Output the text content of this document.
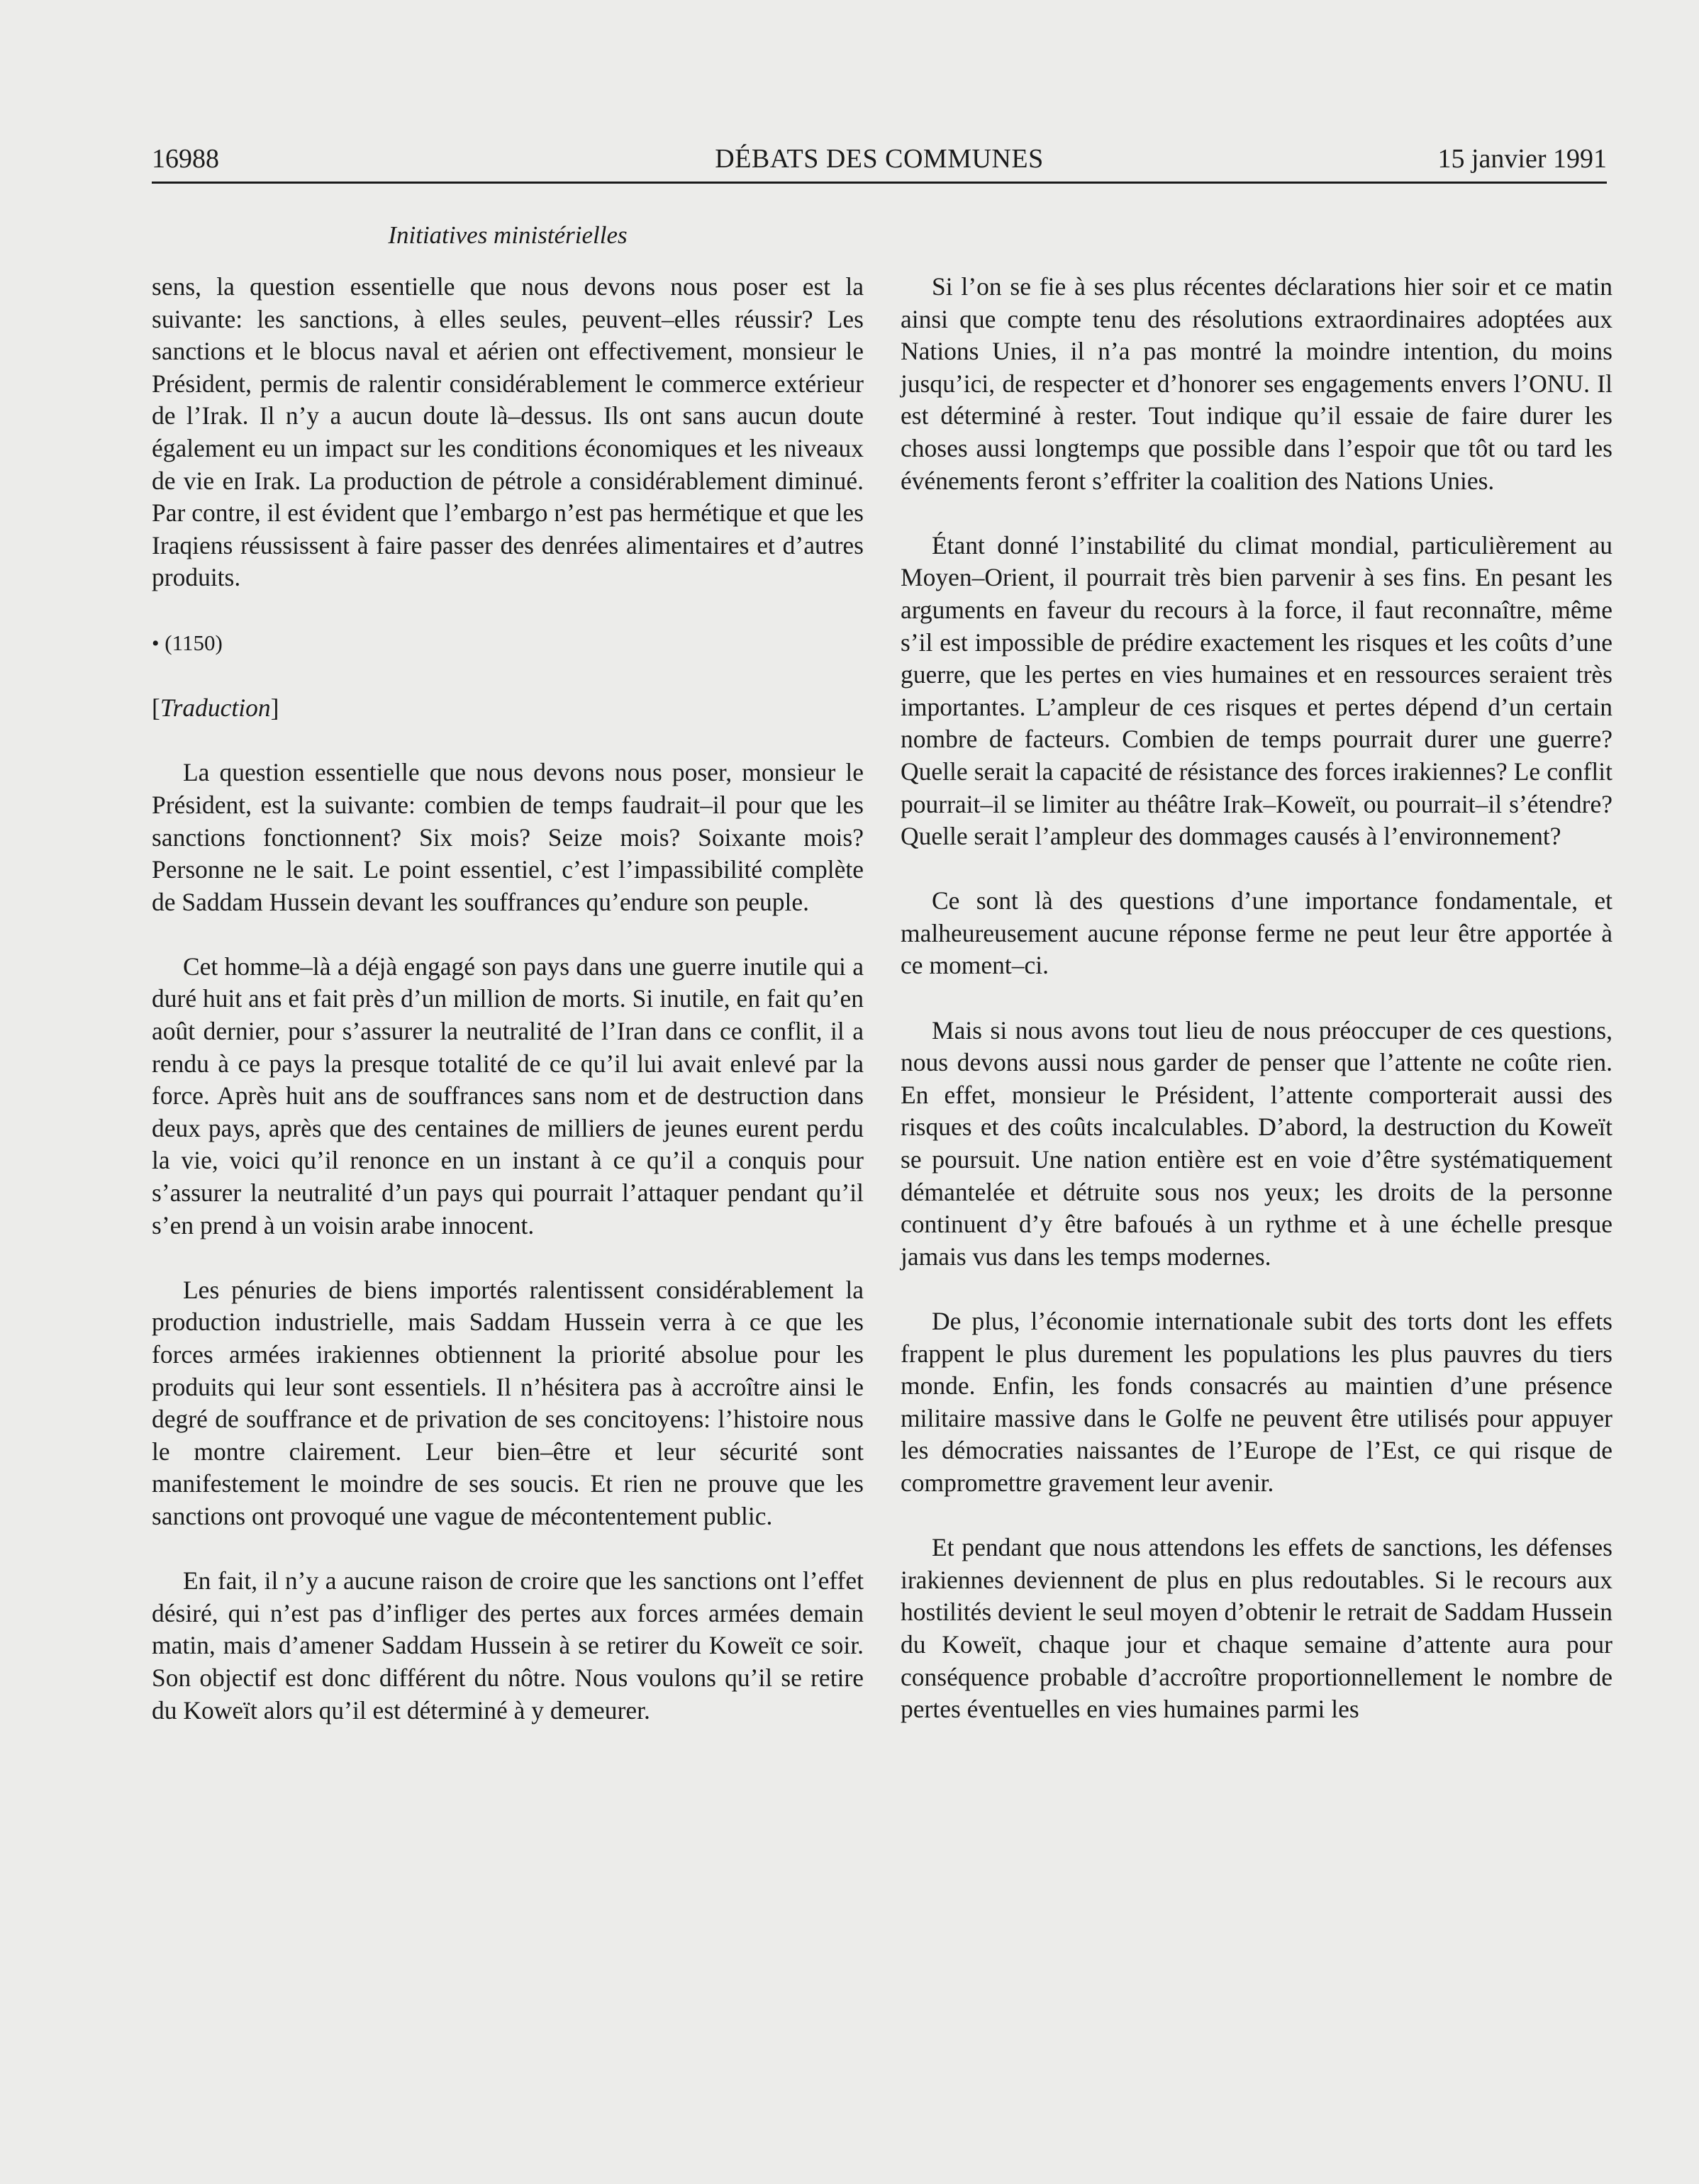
16988	DÉBATS DES COMMUNES	15 janvier 1991
Initiatives ministérielles

sens, la question essentielle que nous devons nous poser est la suivante: les sanctions, à elles seules, peuvent–elles réussir? Les sanctions et le blocus naval et aérien ont effectivement, monsieur le Président, permis de ralentir considérablement le commerce extérieur de l’Irak. Il n’y a aucun doute là–dessus. Ils ont sans aucun doute également eu un impact sur les conditions économiques et les niveaux de vie en Irak. La production de pétrole a considérablement diminué. Par contre, il est évident que l’embargo n’est pas hermétique et que les Iraqiens réussissent à faire passer des denrées alimentaires et d’autres produits.

• (1150)

[Traduction]

La question essentielle que nous devons nous poser, monsieur le Président, est la suivante: combien de temps faudrait–il pour que les sanctions fonctionnent? Six mois? Seize mois? Soixante mois? Personne ne le sait. Le point essentiel, c’est l’impassibilité complète de Saddam Hussein devant les souffrances qu’endure son peuple.

Cet homme–là a déjà engagé son pays dans une guerre inutile qui a duré huit ans et fait près d’un million de morts. Si inutile, en fait qu’en août dernier, pour s’assurer la neutralité de l’Iran dans ce conflit, il a rendu à ce pays la presque totalité de ce qu’il lui avait enlevé par la force. Après huit ans de souffrances sans nom et de destruction dans deux pays, après que des centaines de milliers de jeunes eurent perdu la vie, voici qu’il renonce en un instant à ce qu’il a conquis pour s’assurer la neutralité d’un pays qui pourrait l’attaquer pendant qu’il s’en prend à un voisin arabe innocent.

Les pénuries de biens importés ralentissent considérablement la production industrielle, mais Saddam Hussein verra à ce que les forces armées irakiennes obtiennent la priorité absolue pour les produits qui leur sont essentiels. Il n’hésitera pas à accroître ainsi le degré de souffrance et de privation de ses concitoyens: l’histoire nous le montre clairement. Leur bien–être et leur sécurité sont manifestement le moindre de ses soucis. Et rien ne prouve que les sanctions ont provoqué une vague de mécontentement public.

En fait, il n’y a aucune raison de croire que les sanctions ont l’effet désiré, qui n’est pas d’infliger des pertes aux forces armées demain matin, mais d’amener Saddam Hussein à se retirer du Koweït ce soir. Son objectif est donc différent du nôtre. Nous voulons qu’il se retire du Koweït alors qu’il est déterminé à y demeurer.

Si l’on se fie à ses plus récentes déclarations hier soir et ce matin ainsi que compte tenu des résolutions extraordinaires adoptées aux Nations Unies, il n’a pas montré la moindre intention, du moins jusqu’ici, de respecter et d’honorer ses engagements envers l’ONU. Il est déterminé à rester. Tout indique qu’il essaie de faire durer les choses aussi longtemps que possible dans l’espoir que tôt ou tard les événements feront s’effriter la coalition des Nations Unies.

Étant donné l’instabilité du climat mondial, particulièrement au Moyen–Orient, il pourrait très bien parvenir à ses fins. En pesant les arguments en faveur du recours à la force, il faut reconnaître, même s’il est impossible de prédire exactement les risques et les coûts d’une guerre, que les pertes en vies humaines et en ressources seraient très importantes. L’ampleur de ces risques et pertes dépend d’un certain nombre de facteurs. Combien de temps pourrait durer une guerre? Quelle serait la capacité de résistance des forces irakiennes? Le conflit pourrait–il se limiter au théâtre Irak–Koweït, ou pourrait–il s’étendre? Quelle serait l’ampleur des dommages causés à l’environnement?

Ce sont là des questions d’une importance fondamentale, et malheureusement aucune réponse ferme ne peut leur être apportée à ce moment–ci.

Mais si nous avons tout lieu de nous préoccuper de ces questions, nous devons aussi nous garder de penser que l’attente ne coûte rien. En effet, monsieur le Président, l’attente comporterait aussi des risques et des coûts incalculables. D’abord, la destruction du Koweït se poursuit. Une nation entière est en voie d’être systématiquement démantelée et détruite sous nos yeux; les droits de la personne continuent d’y être bafoués à un rythme et à une échelle presque jamais vus dans les temps modernes.

De plus, l’économie internationale subit des torts dont les effets frappent le plus durement les populations les plus pauvres du tiers monde. Enfin, les fonds consacrés au maintien d’une présence militaire massive dans le Golfe ne peuvent être utilisés pour appuyer les démocraties naissantes de l’Europe de l’Est, ce qui risque de compromettre gravement leur avenir.

Et pendant que nous attendons les effets de sanctions, les défenses irakiennes deviennent de plus en plus redoutables. Si le recours aux hostilités devient le seul moyen d’obtenir le retrait de Saddam Hussein du Koweït, chaque jour et chaque semaine d’attente aura pour conséquence probable d’accroître proportionnellement le nombre de pertes éventuelles en vies humaines parmi les
